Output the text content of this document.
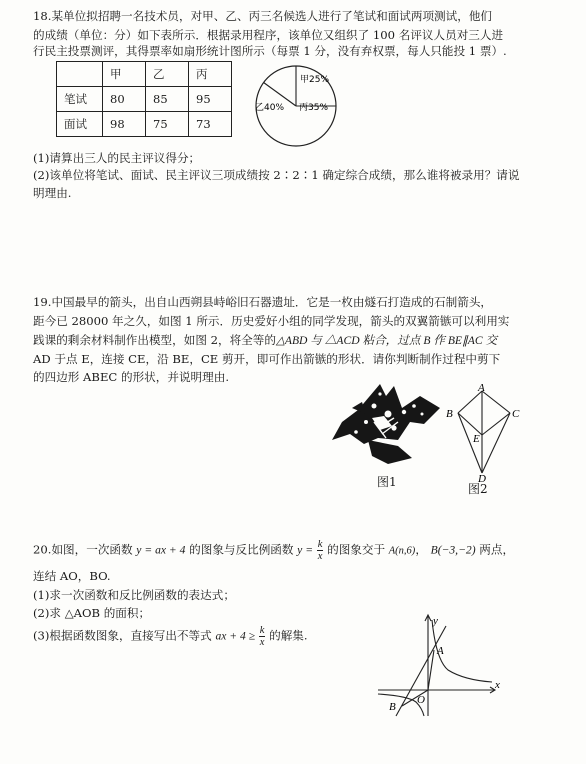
18.某单位拟招聘一名技术员，对甲、乙、丙三名候选人进行了笔试和面试两项测试，他们
的成绩（单位：分）如下表所示．根据录用程序，该单位又组织了 100 名评议人员对三人进
行民主投票测评，其得票率如扇形统计图所示（每票 1 分，没有弃权票，每人只能投 1 票）.
	甲	乙	丙
笔试	80	85	95
面试	98	75	73
甲25%
乙40% 丙35%
(1)请算出三人的民主评议得分；
(2)该单位将笔试、面试、民主评议三项成绩按 2∶2∶1 确定综合成绩，那么谁将被录用？请说
明理由.
19.中国最早的箭头，出自山西朔县峙峪旧石器遗址．它是一枚由燧石打造成的石制箭头，
距今已 28000 年之久，如图 1 所示．历史爱好小组的同学发现，箭头的双翼箭镞可以利用实
践课的剩余材料制作出模型，如图 2，将全等的△ABD 与 △ACD 粘合，过点 B 作 BE∥AC 交
AD 于点 E，连接 CE，沿 BE，CE 剪开，即可作出箭镞的形状．请你判断制作过程中剪下
的四边形 ABEC 的形状，并说明理由.
图1
A
B	C
E
D
图2
20.如图，一次函数 y = ax + 4 的图象与反比例函数 $y = \frac{k}{x}$ 的图象交于 A(n,6)， B(−3,−2) 两点，
连结 AO，BO.
(1)求一次函数和反比例函数的表达式；
(2)求 △AOB 的面积；
(3)根据函数图象，直接写出不等式 ax + $4 \ge \frac{k}{x}$ 的解集.
y
x
A
B
O
